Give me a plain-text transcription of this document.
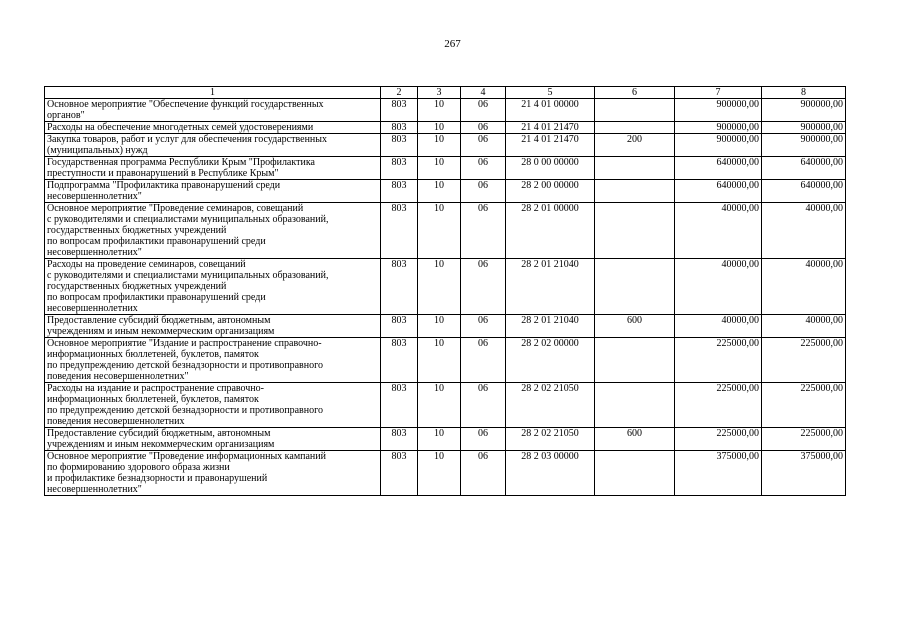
267
1	2	3	4	5	6	7	8
Основное мероприятие "Обеспечение функций государственных
органов"	803	10	06	21 4 01 00000		900000,00	900000,00
Расходы на обеспечение многодетных семей удостоверениями	803	10	06	21 4 01 21470		900000,00	900000,00
Закупка товаров, работ и услуг для обеспечения государственных
(муниципальных) нужд	803	10	06	21 4 01 21470	200	900000,00	900000,00
Государственная программа Республики Крым "Профилактика
преступности и правонарушений в Республике Крым"	803	10	06	28 0 00 00000		640000,00	640000,00
Подпрограмма "Профилактика правонарушений среди
несовершеннолетних"	803	10	06	28 2 00 00000		640000,00	640000,00
Основное мероприятие "Проведение семинаров, совещаний
с руководителями и специалистами муниципальных образований,
государственных бюджетных учреждений
по вопросам профилактики правонарушений среди
несовершеннолетних"	803	10	06	28 2 01 00000		40000,00	40000,00
Расходы на проведение семинаров, совещаний
с руководителями и специалистами муниципальных образований,
государственных бюджетных учреждений
по вопросам профилактики правонарушений среди
несовершеннолетних	803	10	06	28 2 01 21040		40000,00	40000,00
Предоставление субсидий бюджетным, автономным
учреждениям и иным некоммерческим организациям	803	10	06	28 2 01 21040	600	40000,00	40000,00
Основное мероприятие "Издание и распространение справочно-
информационных бюллетеней, буклетов, памяток
по предупреждению детской безнадзорности и противоправного
поведения несовершеннолетних"	803	10	06	28 2 02 00000		225000,00	225000,00
Расходы на издание и распространение справочно-
информационных бюллетеней, буклетов, памяток
по предупреждению детской безнадзорности и противоправного
поведения несовершеннолетних	803	10	06	28 2 02 21050		225000,00	225000,00
Предоставление субсидий бюджетным, автономным
учреждениям и иным некоммерческим организациям	803	10	06	28 2 02 21050	600	225000,00	225000,00
Основное мероприятие "Проведение информационных кампаний
по формированию здорового образа жизни
и профилактике безнадзорности и правонарушений
несовершеннолетних"	803	10	06	28 2 03 00000		375000,00	375000,00
